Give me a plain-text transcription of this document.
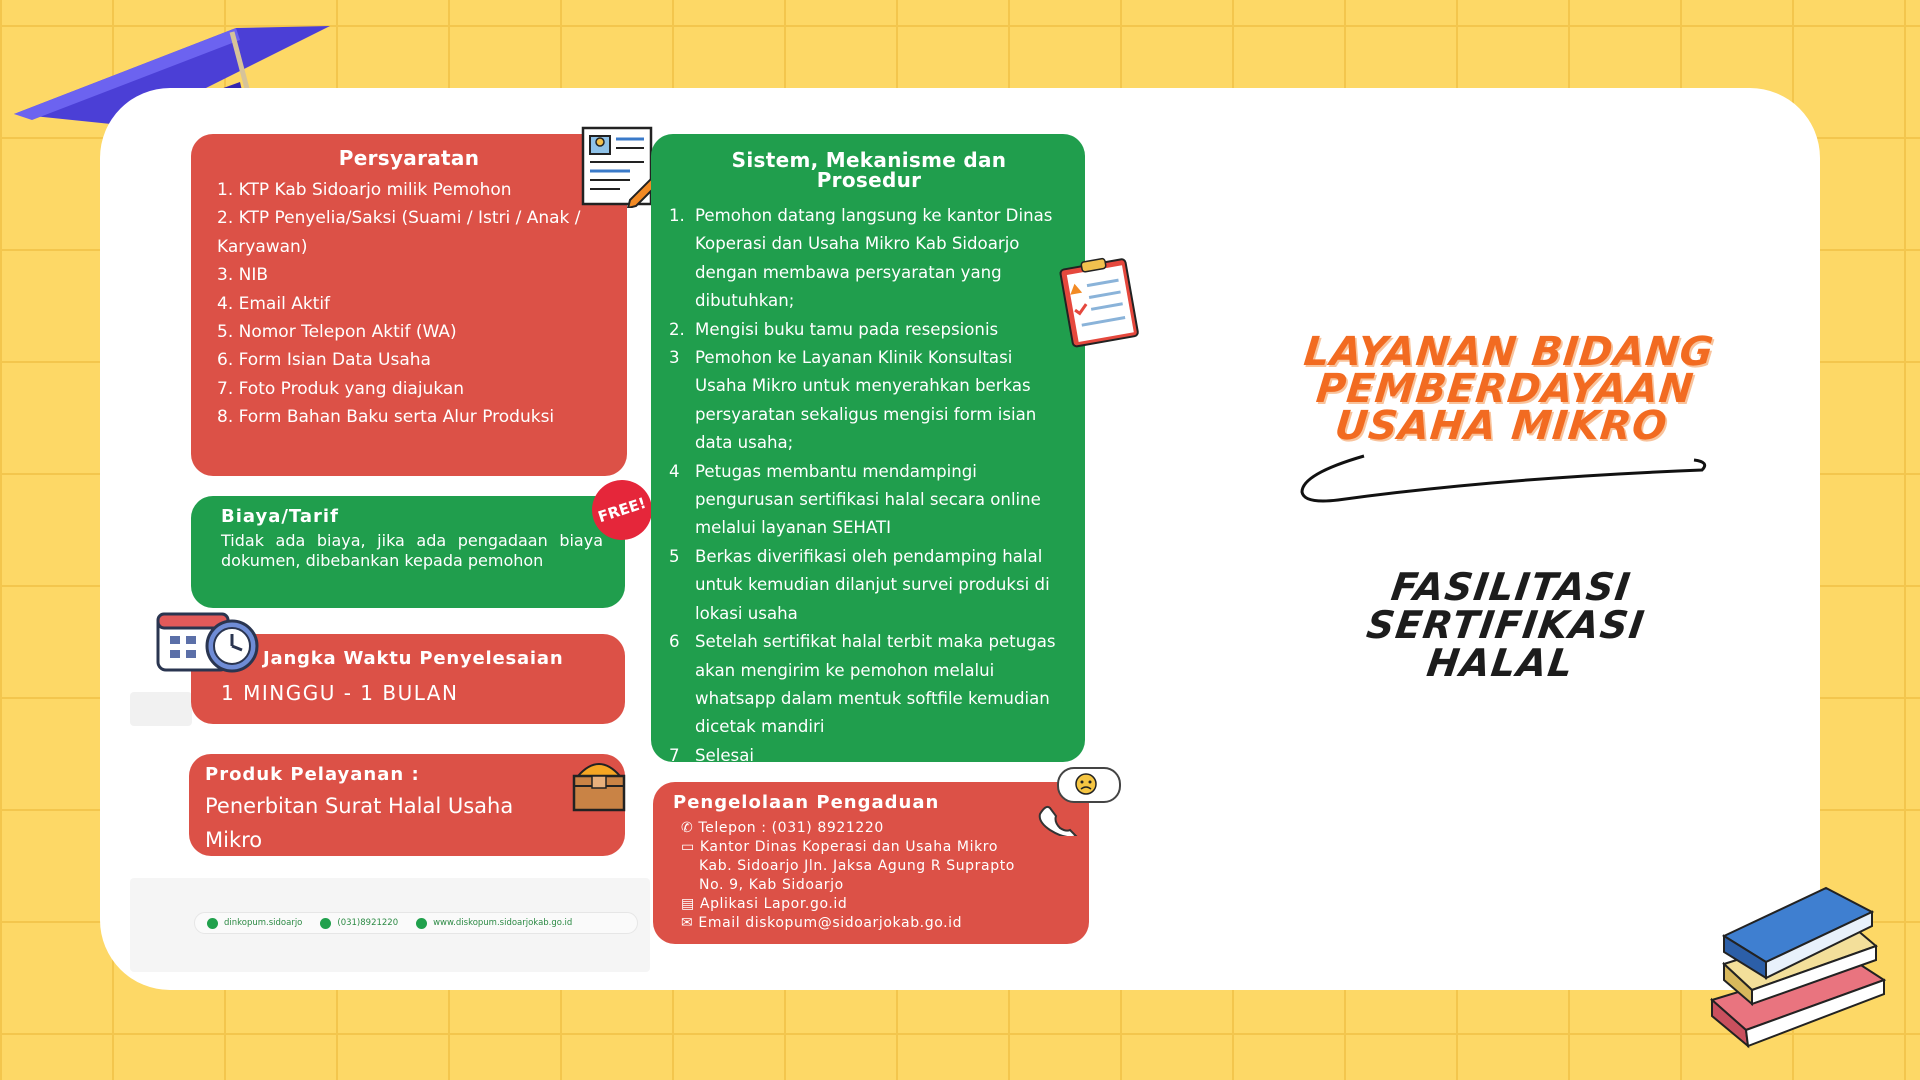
Persyaratan
1. KTP Kab Sidoarjo milik Pemohon
2. KTP Penyelia/Saksi (Suami / Istri / Anak / Karyawan)
3. NIB
4. Email Aktif
5. Nomor Telepon Aktif (WA)
6. Form Isian Data Usaha
7. Foto Produk yang diajukan
8. Form Bahan Baku serta Alur Produksi
Biaya/Tarif
Tidak ada biaya, jika ada pengadaan biaya dokumen, dibebankan kepada pemohon
FREE!
Jangka Waktu Penyelesaian
1 MINGGU - 1 BULAN
Produk Pelayanan :
Penerbitan Surat Halal Usaha Mikro
Sistem, Mekanisme dan Prosedur
1. Pemohon datang langsung ke kantor Dinas Koperasi dan Usaha Mikro Kab Sidoarjo dengan membawa persyaratan yang dibutuhkan;
2. Mengisi buku tamu pada resepsionis
3 Pemohon ke Layanan Klinik Konsultasi Usaha Mikro untuk menyerahkan berkas persyaratan sekaligus mengisi form isian data usaha;
4 Petugas membantu mendampingi pengurusan sertifikasi halal secara online melalui layanan SEHATI
5 Berkas diverifikasi oleh pendamping halal untuk kemudian dilanjut survei produksi di lokasi usaha
6 Setelah sertifikat halal terbit maka petugas akan mengirim ke pemohon melalui whatsapp dalam mentuk softfile kemudian dicetak mandiri
7 Selesai
Pengelolaan Pengaduan
✆ Telepon : (031) 8921220
▭ Kantor Dinas Koperasi dan Usaha Mikro
Kab. Sidoarjo Jln. Jaksa Agung R Suprapto
No. 9, Kab Sidoarjo
▤ Aplikasi Lapor.go.id
✉ Email diskopum@sidoarjokab.go.id
dinkopum.sidoarjo	(031)8921220	www.diskopum.sidoarjokab.go.id
LAYANAN BIDANG
PEMBERDAYAAN
USAHA MIKRO
FASILITASI SERTIFIKASI
HALAL
